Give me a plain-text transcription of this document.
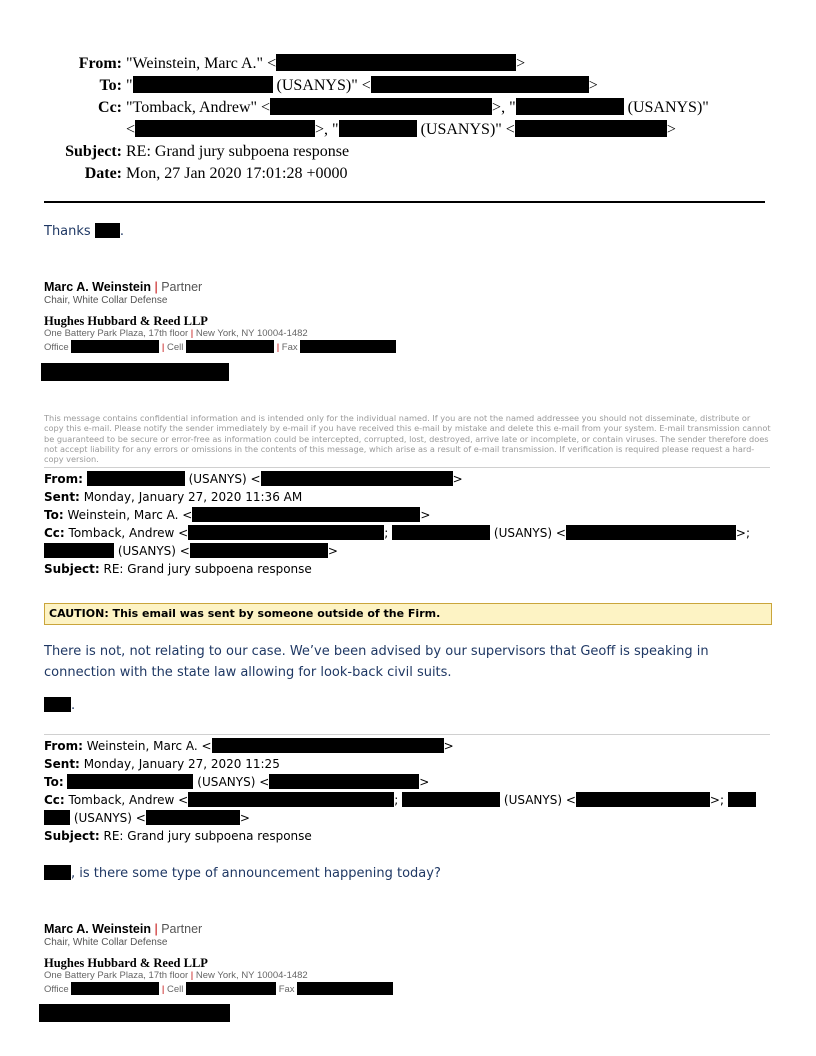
From: "Weinstein, Marc A." <	>
To: "	(USANYS)" <	>
Cc: "Tomback, Andrew" <	>, "	(USANYS)"
<	>, "	(USANYS)" <	>
Subject: RE: Grand jury subpoena response
Date: Mon, 27 Jan 2020 17:01:28 +0000
Thanks .
Marc A. Weinstein | Partner
Chair, White Collar Defense
Hughes Hubbard & Reed LLP
One Battery Park Plaza, 17th floor | New York, NY 10004-1482
Office	| Cell	| Fax
This message contains confidential information and is intended only for the individual named. If you are not the named addressee you should not disseminate, distribute or copy this e-mail. Please notify the sender immediately by e-mail if you have received this e-mail by mistake and delete this e-mail from your system. E-mail transmission cannot be guaranteed to be secure or error-free as information could be intercepted, corrupted, lost, destroyed, arrive late or incomplete, or contain viruses. The sender therefore does not accept liability for any errors or omissions in the contents of this message, which arise as a result of e-mail transmission. If verification is required please request a hard-copy version.
From:	(USANYS) <	>
Sent: Monday, January 27, 2020 11:36 AM
To: Weinstein, Marc A. <	>
Cc: Tomback, Andrew <	;	(USANYS) <	>;
(USANYS) <	>
Subject: RE: Grand jury subpoena response
CAUTION: This email was sent by someone outside of the Firm.
There is not, not relating to our case. We’ve been advised by our supervisors that Geoff is speaking in connection with the state law allowing for look-back civil suits.
.
From: Weinstein, Marc A. <	>
Sent: Monday, January 27, 2020 11:25
To:	(USANYS) <	>
Cc: Tomback, Andrew <	;	(USANYS) <	>;
(USANYS) <	>
Subject: RE: Grand jury subpoena response
, is there some type of announcement happening today?
Marc A. Weinstein | Partner
Chair, White Collar Defense
Hughes Hubbard & Reed LLP
One Battery Park Plaza, 17th floor | New York, NY 10004-1482
Office	| Cell	Fax
